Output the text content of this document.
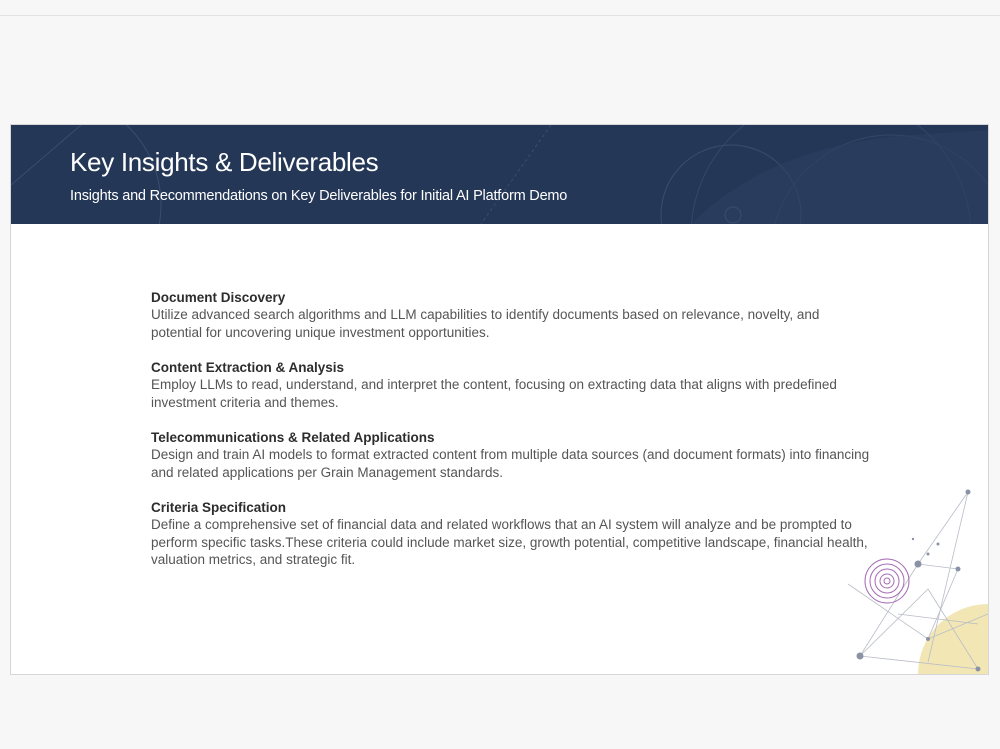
Key Insights & Deliverables
Insights and Recommendations on Key Deliverables for Initial AI Platform Demo
Document Discovery
Utilize advanced search algorithms and LLM capabilities to identify documents based on relevance, novelty, and potential for uncovering unique investment opportunities.
Content Extraction & Analysis
Employ LLMs to read, understand, and interpret the content, focusing on extracting data that aligns with predefined investment criteria and themes.
Telecommunications & Related Applications
Design and train AI models to format extracted content from multiple data sources (and document formats) into financing and related applications per Grain Management standards.
Criteria Specification
Define a comprehensive set of financial data and related workflows that an AI system will analyze and be prompted to perform specific tasks.These criteria could include market size, growth potential, competitive landscape, financial health, valuation metrics, and strategic fit.
